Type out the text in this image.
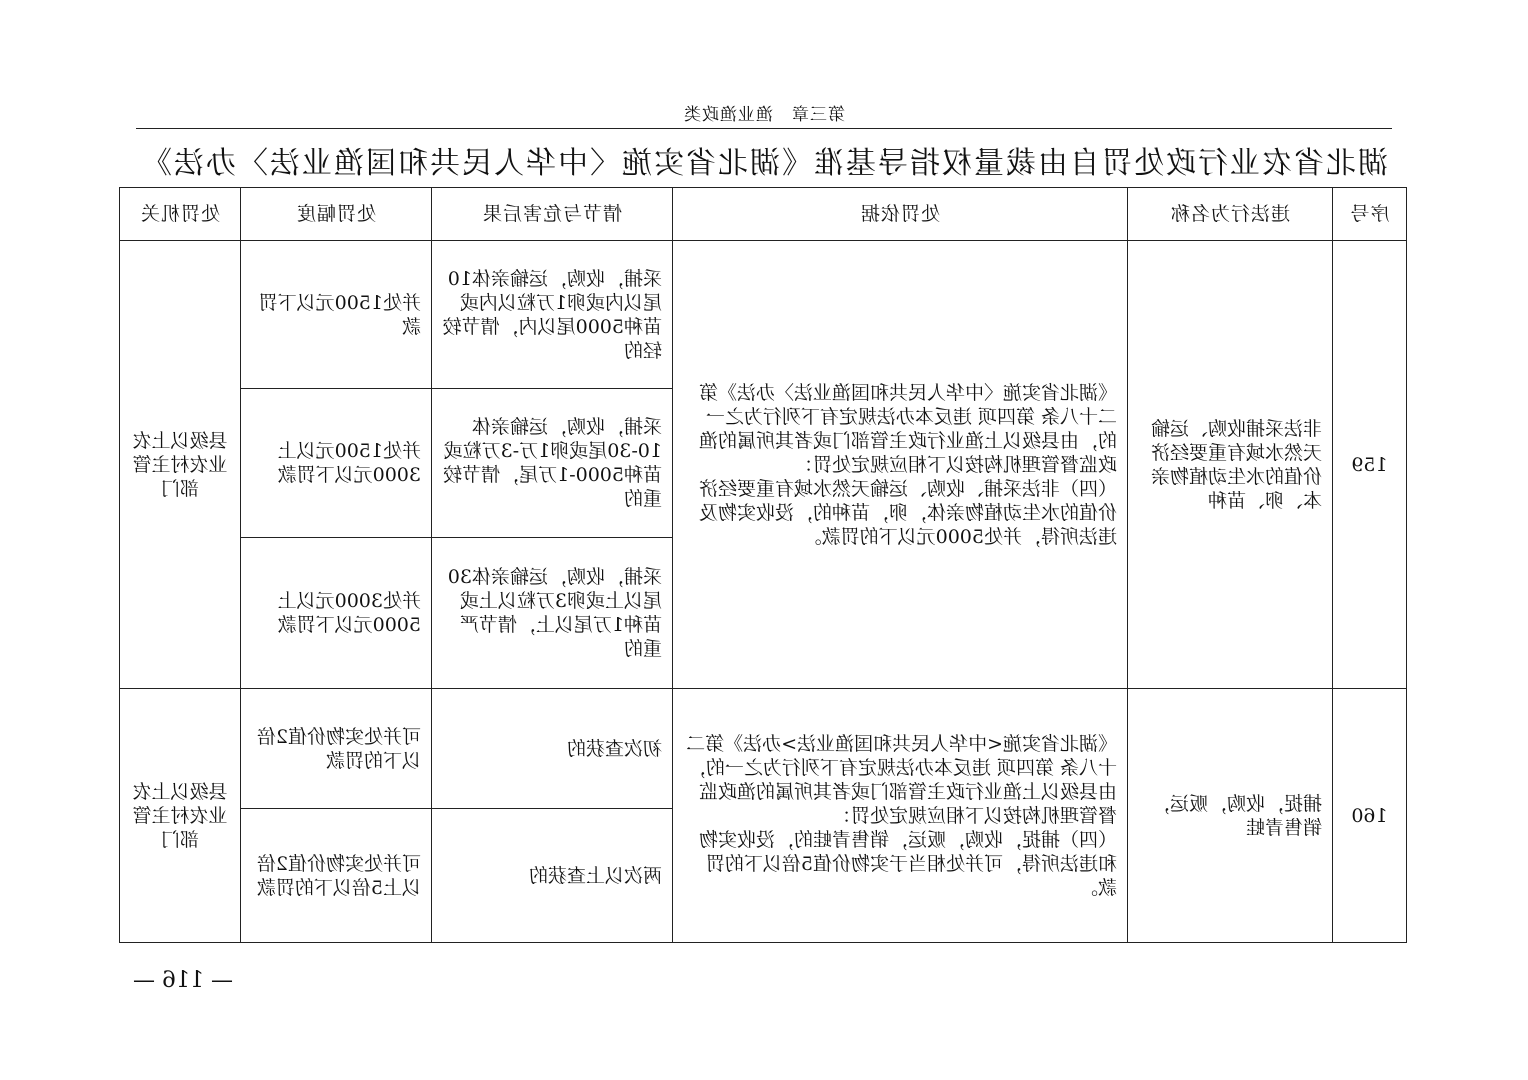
第三章　渔业渔政类
湖北省农业行政处罚自由裁量权指导基准《湖北省实施〈中华人民共和国渔业法〉办法》
序号	违法行为名称	处罚依据	情节与危害后果	处罚幅度	处罚机关
159	非法采捕收购、运输天然水域有重要经济价值的水生动植物亲本、卵、苗种	《湖北省实施〈中华人民共和国渔业法〉办法》第二十八条 第四项 违反本办法规定有下列行为之一的，由县级以上渔业行政主管部门或者其所属的渔政监督管理机构按以下相应规定处罚：
（四）非法采捕、收购、运输天然水域有重要经济价值的水生动植物亲体，卵，苗种的，没收实物及违法所得，并处5000元以下的罚款。	采捕，收购，运输亲体10尾以内或卵1万粒以内或苗种5000尾以内，情节较轻的	并处1500元以下罚款	县级以上农业农村主管部门
			采捕，收购，运输亲体10-30尾或卵1万-3万粒或苗种5000-1万尾，情节较重的	并处1500元以上3000元以下罚款	
			采捕，收购，运输亲体30尾以上或卵3万粒以上或苗种1万尾以上，情节严重的	并处3000元以上5000元以下罚款	
160	捕捉，收购，贩运，销售青蛙	《湖北省实施<中华人民共和国渔业法>办法》第二十八条 第四项 违反本办法规定有下列行为之一的，由县级以上渔业行政主管部门或者其所属的渔政监督管理机构按以下相应规定处罚：
（四）捕捉，收购，贩运，销售青蛙的，没收实物和违法所得，可并处相当于实物价值5倍以下的罚款。	初次查获的	可并处实物价值2倍以下的罚款	县级以上农业农村主管部门
			两次以上查获的	可并处实物价值2倍以上5倍以下的罚款	
— 116 —
